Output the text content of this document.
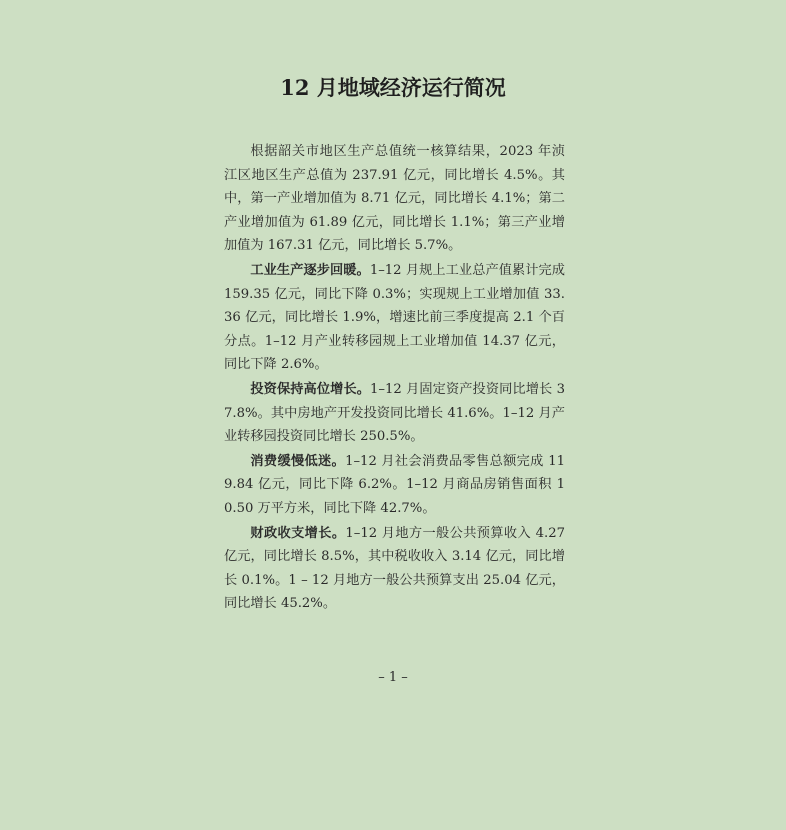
12 月地域经济运行简况

根据韶关市地区生产总值统一核算结果，2023 年浈江区地区生产总值为 237.91 亿元，同比增长 4.5%。其中，第一产业增加值为 8.71 亿元，同比增长 4.1%；第二产业增加值为 61.89 亿元，同比增长 1.1%；第三产业增加值为 167.31 亿元，同比增长 5.7%。

工业生产逐步回暖。1–12 月规上工业总产值累计完成 159.35 亿元，同比下降 0.3%；实现规上工业增加值 33.36 亿元，同比增长 1.9%，增速比前三季度提高 2.1 个百分点。1–12 月产业转移园规上工业增加值 14.37 亿元，同比下降 2.6%。

投资保持高位增长。1–12 月固定资产投资同比增长 37.8%。其中房地产开发投资同比增长 41.6%。1–12 月产业转移园投资同比增长 250.5%。

消费缓慢低迷。1–12 月社会消费品零售总额完成 119.84 亿元，同比下降 6.2%。1–12 月商品房销售面积 10.50 万平方米，同比下降 42.7%。

财政收支增长。1–12 月地方一般公共预算收入 4.27 亿元，同比增长 8.5%，其中税收收入 3.14 亿元，同比增长 0.1%。1 – 12 月地方一般公共预算支出 25.04 亿元，同比增长 45.2%。

– 1 –
